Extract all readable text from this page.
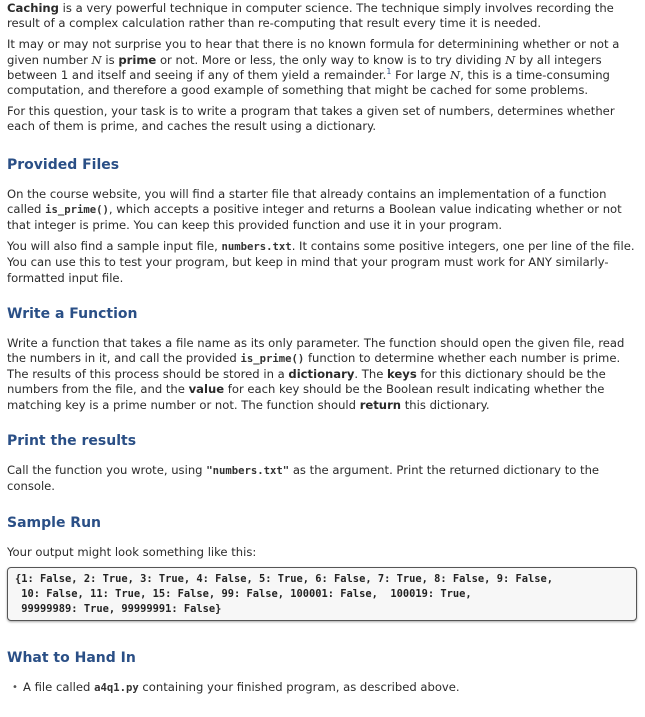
Caching is a very powerful technique in computer science. The technique simply involves recording the result of a complex calculation rather than re-computing that result every time it is needed.

It may or may not surprise you to hear that there is no known formula for determinining whether or not a given number N is prime or not. More or less, the only way to know is to try dividing N by all integers between 1 and itself and seeing if any of them yield a remainder.$^1$ For large N, this is a time-consuming computation, and therefore a good example of something that might be cached for some problems.

For this question, your task is to write a program that takes a given set of numbers, determines whether each of them is prime, and caches the result using a dictionary.

Provided Files

On the course website, you will find a starter file that already contains an implementation of a function called is_prime(), which accepts a positive integer and returns a Boolean value indicating whether or not that integer is prime. You can keep this provided function and use it in your program.

You will also find a sample input file, numbers.txt. It contains some positive integers, one per line of the file. You can use this to test your program, but keep in mind that your program must work for ANY similarly-formatted input file.

Write a Function

Write a function that takes a file name as its only parameter. The function should open the given file, read the numbers in it, and call the provided is_prime() function to determine whether each number is prime. The results of this process should be stored in a dictionary. The keys for this dictionary should be the numbers from the file, and the value for each key should be the Boolean result indicating whether the matching key is a prime number or not. The function should return this dictionary.

Print the results

Call the function you wrote, using "numbers.txt" as the argument. Print the returned dictionary to the console.

Sample Run

Your output might look something like this:

{1: False, 2: True, 3: True, 4: False, 5: True, 6: False, 7: True, 8: False, 9: False,
10: False, 11: True, 15: False, 99: False, 100001: False,  100019: True,
99999989: True, 99999991: False}
What to Hand In
• A file called a4q1.py containing your finished program, as described above.
